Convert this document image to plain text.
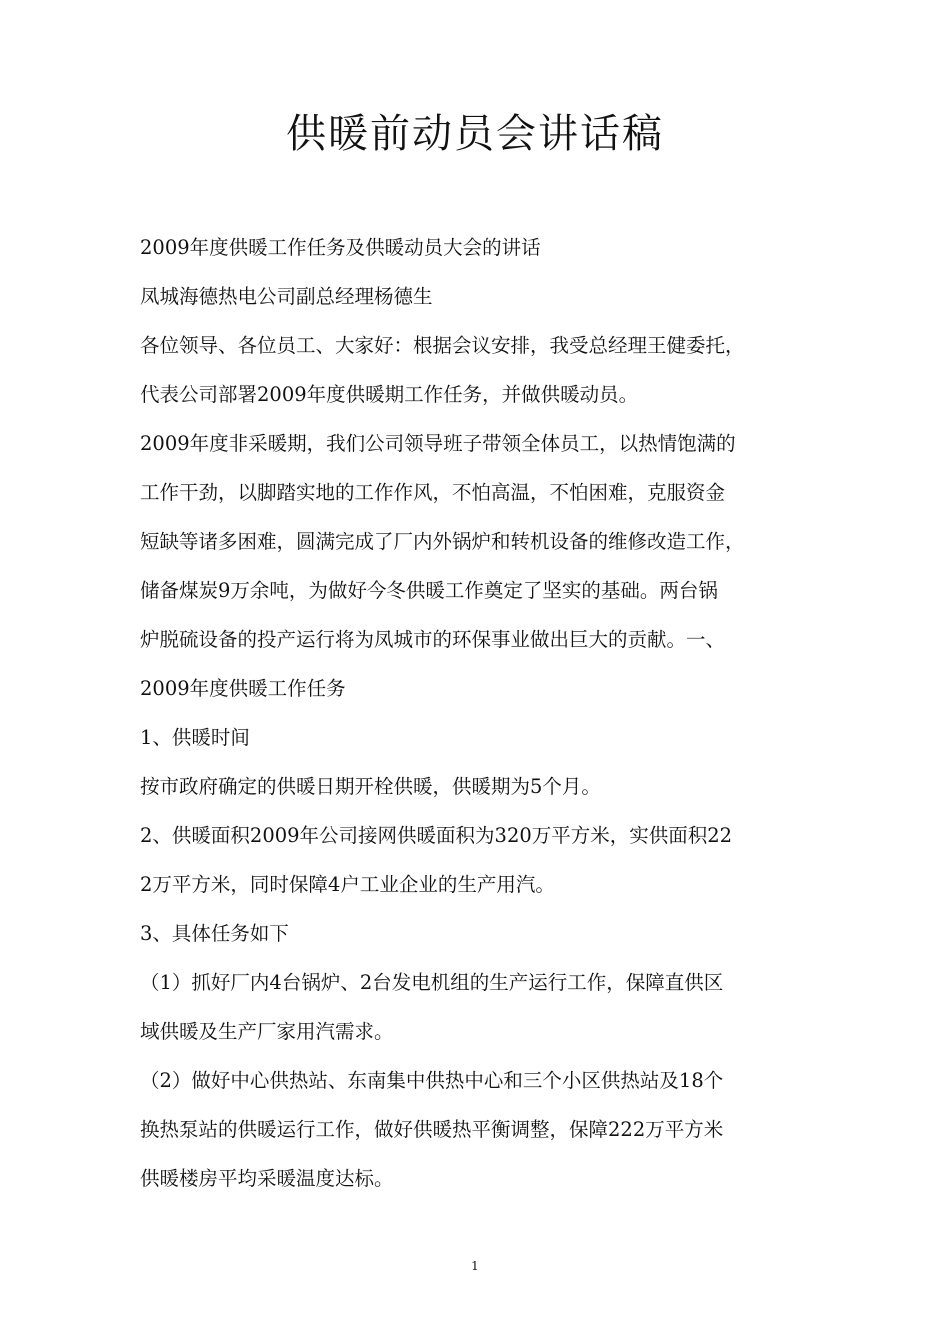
供暖前动员会讲话稿

2009年度供暖工作任务及供暖动员大会的讲话

凤城海德热电公司副总经理杨德生

各位领导、各位员工、大家好：根据会议安排，我受总经理王健委托，

代表公司部署2009年度供暖期工作任务，并做供暖动员。

2009年度非采暖期，我们公司领导班子带领全体员工，以热情饱满的

工作干劲，以脚踏实地的工作作风，不怕高温，不怕困难，克服资金

短缺等诸多困难，圆满完成了厂内外锅炉和转机设备的维修改造工作，

储备煤炭9万余吨，为做好今冬供暖工作奠定了坚实的基础。两台锅

炉脱硫设备的投产运行将为凤城市的环保事业做出巨大的贡献。一、

2009年度供暖工作任务

1、供暖时间

按市政府确定的供暖日期开栓供暖，供暖期为5个月。

2、供暖面积2009年公司接网供暖面积为320万平方米，实供面积22

2万平方米，同时保障4户工业企业的生产用汽。

3、具体任务如下

（1）抓好厂内4台锅炉、2台发电机组的生产运行工作，保障直供区

域供暖及生产厂家用汽需求。

（2）做好中心供热站、东南集中供热中心和三个小区供热站及18个

换热泵站的供暖运行工作，做好供暖热平衡调整，保障222万平方米

供暖楼房平均采暖温度达标。

1
